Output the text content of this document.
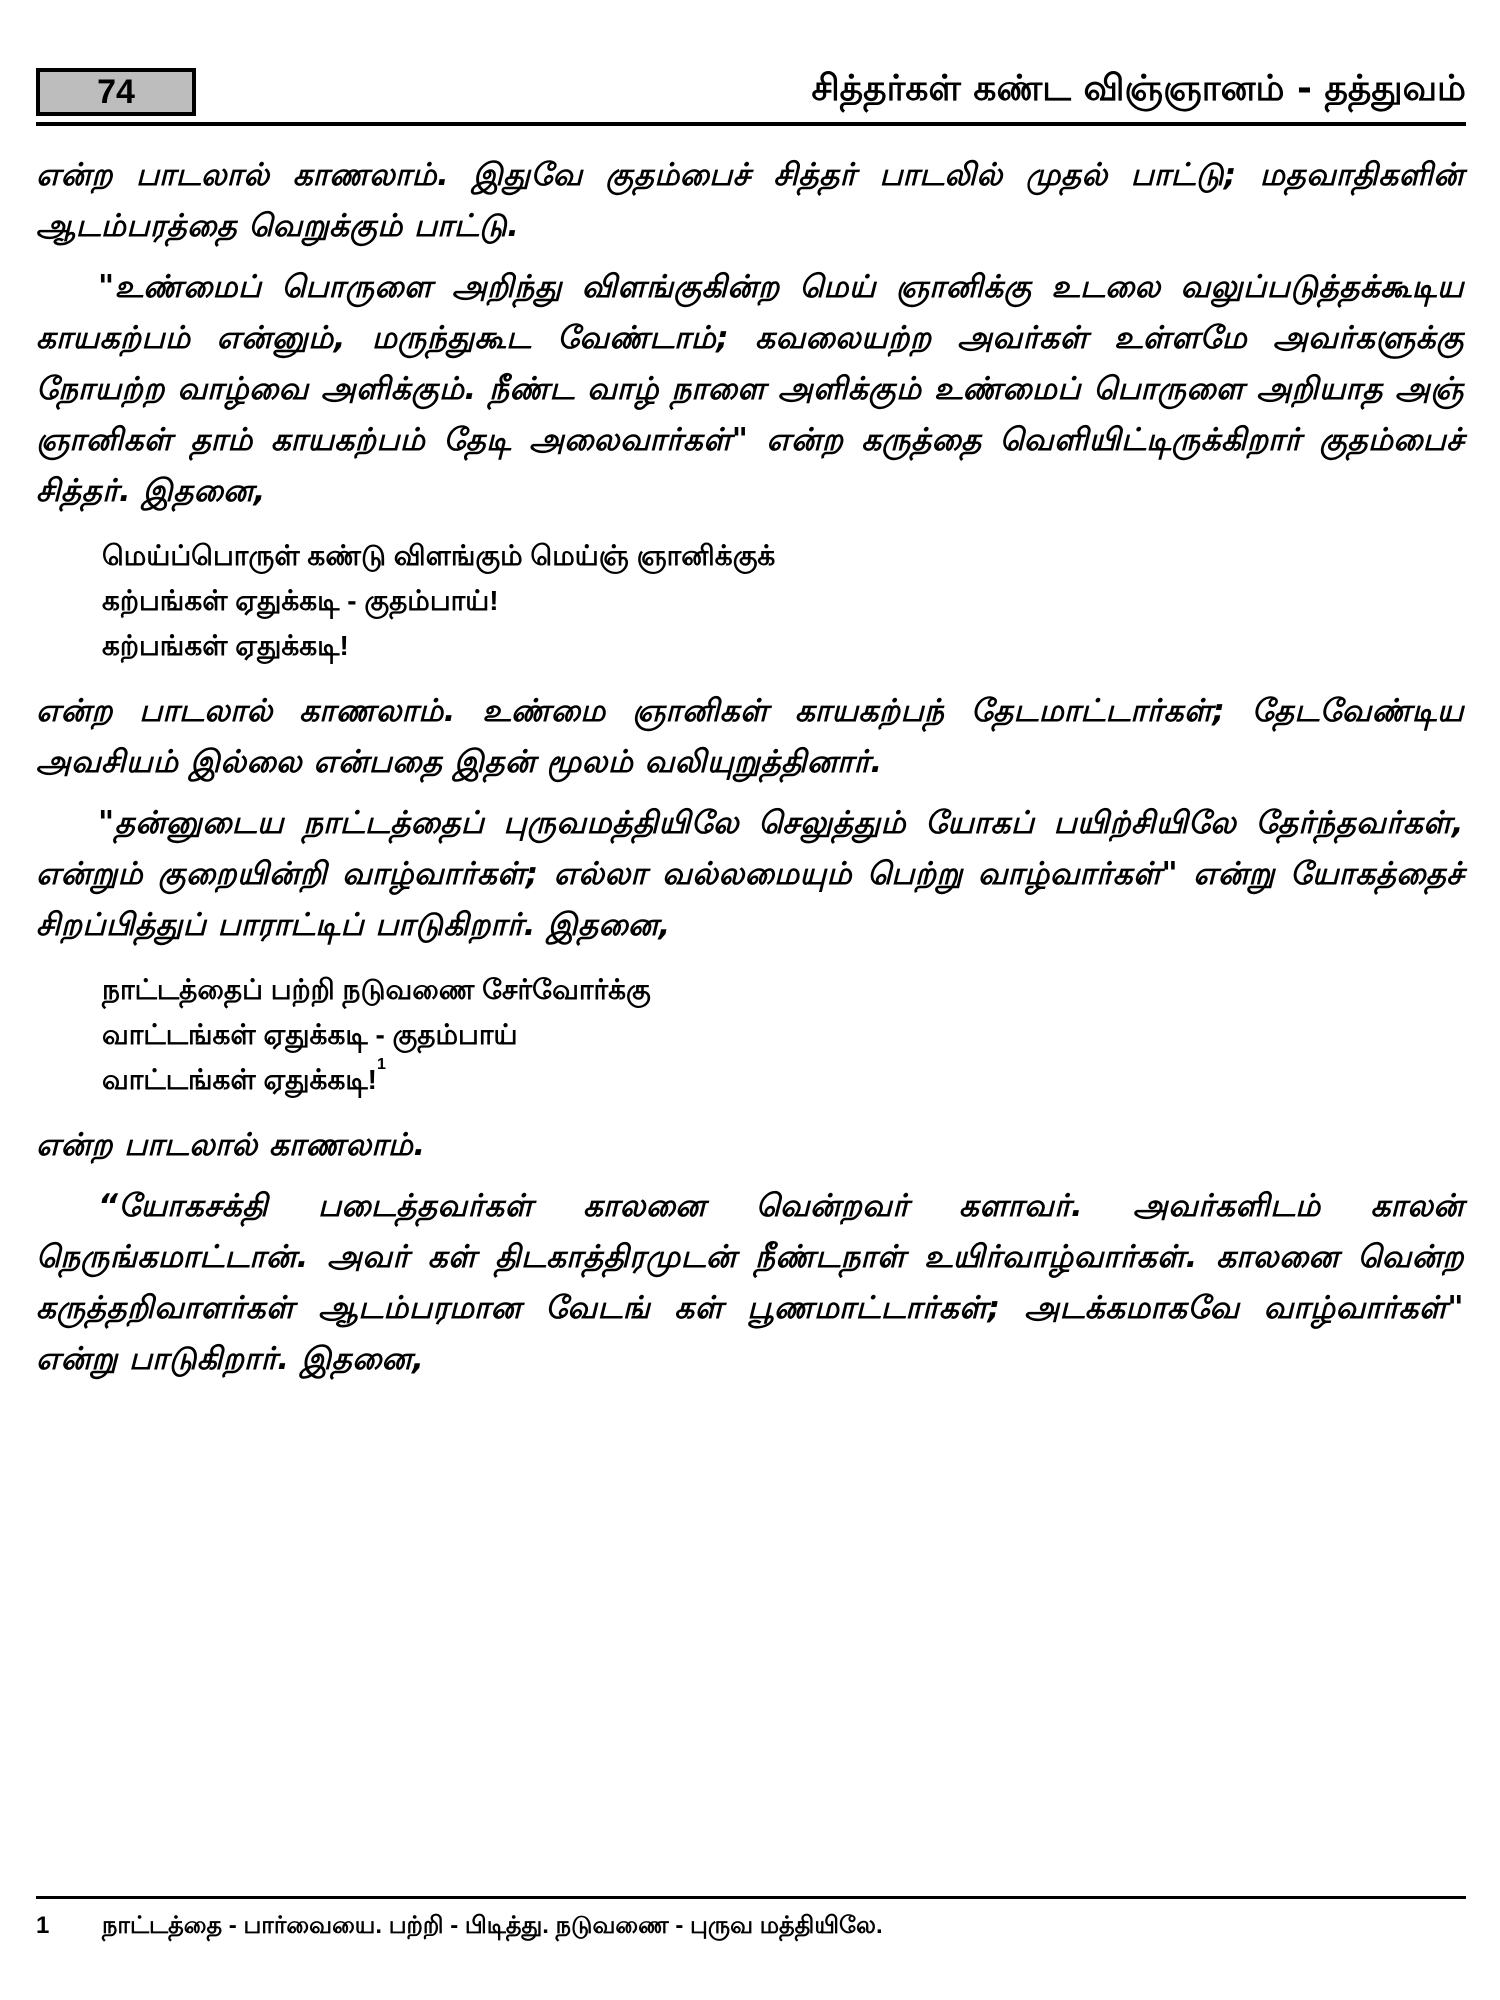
74	சித்தர்கள் கண்ட விஞ்ஞானம் - தத்துவம்

என்ற பாடலால் காணலாம். இதுவே குதம்பைச் சித்தர் பாடலில் முதல் பாட்டு; மதவாதிகளின் ஆடம்பரத்தை வெறுக்கும் பாட்டு.

"உண்மைப் பொருளை அறிந்து விளங்குகின்ற மெய் ஞானிக்கு உடலை வலுப்படுத்தக்கூடிய காயகற்பம் என்னும், மருந்துகூட வேண்டாம்; கவலையற்ற அவர்கள் உள்ளமே அவர்களுக்கு நோயற்ற வாழ்வை அளிக்கும். நீண்ட வாழ் நாளை அளிக்கும் உண்மைப் பொருளை அறியாத அஞ் ஞானிகள் தாம் காயகற்பம் தேடி அலைவார்கள்" என்ற கருத்தை வெளியிட்டிருக்கிறார் குதம்பைச் சித்தர். இதனை,

மெய்ப்பொருள் கண்டு விளங்கும் மெய்ஞ் ஞானிக்குக்
கற்பங்கள் ஏதுக்கடி - குதம்பாய்!
கற்பங்கள் ஏதுக்கடி!

என்ற பாடலால் காணலாம். உண்மை ஞானிகள் காயகற்பந் தேடமாட்டார்கள்; தேடவேண்டிய அவசியம் இல்லை என்பதை இதன் மூலம் வலியுறுத்தினார்.

"தன்னுடைய நாட்டத்தைப் புருவமத்தியிலே செலுத்தும் யோகப் பயிற்சியிலே தேர்ந்தவர்கள், என்றும் குறையின்றி வாழ்வார்கள்; எல்லா வல்லமையும் பெற்று வாழ்வார்கள்" என்று யோகத்தைச் சிறப்பித்துப் பாராட்டிப் பாடுகிறார். இதனை,

நாட்டத்தைப் பற்றி நடுவணை சேர்வோர்க்கு
வாட்டங்கள் ஏதுக்கடி - குதம்பாய்
வாட்டங்கள் ஏதுக்கடி!$^1$

என்ற பாடலால் காணலாம்.

“யோகசக்தி படைத்தவர்கள் காலனை வென்றவர் களாவர். அவர்களிடம் காலன் நெருங்கமாட்டான். அவர் கள் திடகாத்திரமுடன் நீண்டநாள் உயிர்வாழ்வார்கள். காலனை வென்ற கருத்தறிவாளர்கள் ஆடம்பரமான வேடங் கள் பூணமாட்டார்கள்; அடக்கமாகவே வாழ்வார்கள்" என்று பாடுகிறார். இதனை,

1 நாட்டத்தை - பார்வையை. பற்றி - பிடித்து. நடுவணை - புருவ மத்தியிலே.
